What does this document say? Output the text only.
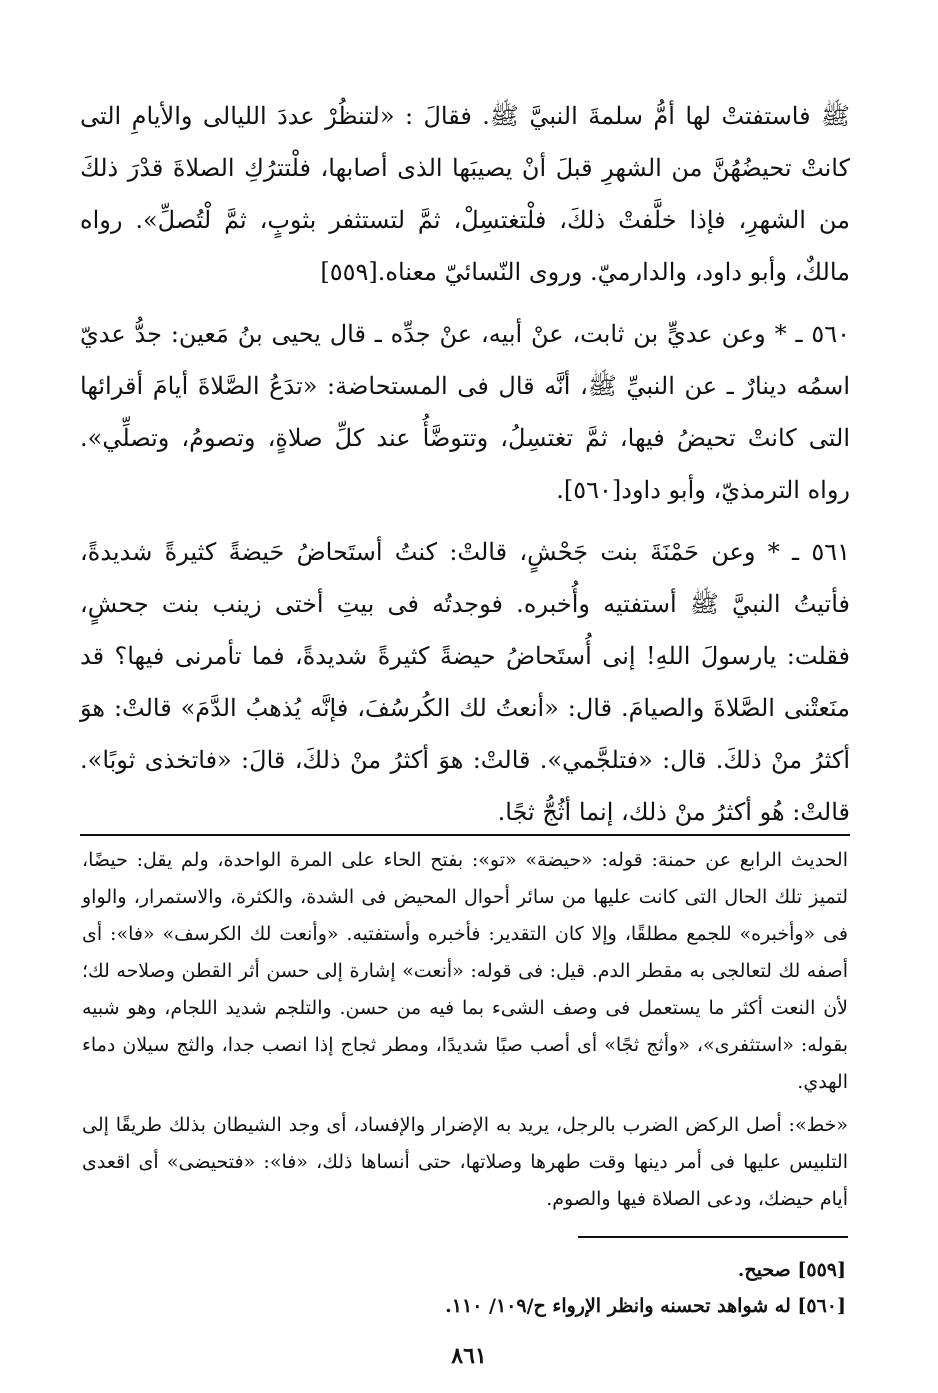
ﷺ فاستفتتْ لها أمُّ سلمةَ النبيَّ ﷺ. فقالَ : «لتنظُرْ عددَ الليالى والأيامِ التى كانتْ تحيضُهُنَّ من الشهرِ قبلَ أنْ يصيبَها الذى أصابها، فلْتترُكِ الصلاةَ قدْرَ ذلكَ من الشهرِ، فإذا خلَّفتْ ذلكَ، فلْتغتسِلْ، ثمَّ لتستثفر بثوبٍ، ثمَّ لْتُصلِّ». رواه مالكٌ، وأبو داود، والدارميّ. وروى النّسائيّ معناه.[٥٥٩]

٥٦٠ ـ * وعن عديٍّ بن ثابت، عنْ أبيه، عنْ جدِّه ـ قال يحيى بنُ مَعين: جدُّ عديّ اسمُه دينارٌ ـ عن النبيِّ ﷺ، أنَّه قال فى المستحاضة: «تدَعُ الصَّلاةَ أيامَ أقرائها التى كانتْ تحيضُ فيها، ثمَّ تغتسِلُ، وتتوضَّأُ عند كلِّ صلاةٍ، وتصومُ، وتصلِّي». رواه الترمذيّ، وأبو داود[٥٦٠].

٥٦١ ـ * وعن حَمْنَةَ بنت جَحْشٍ، قالتْ: كنتُ أستَحاضُ حَيضةً كثيرةً شديدةً، فأتيتُ النبيَّ ﷺ أستفتيه وأُخبره. فوجدتُه فى بيتِ أختى زينب بنت جحشٍ، فقلت: يارسولَ اللهِ! إنى أُستَحاضُ حيضةً كثيرةً شديدةً، فما تأمرنى فيها؟ قد منَعتْنى الصَّلاةَ والصيامَ. قال: «أنعتُ لك الكُرسُفَ، فإنَّه يُذهبُ الدَّمَ» قالتْ: هوَ أكثرُ منْ ذلكَ. قال: «فتلجَّمي». قالتْ: هوَ أكثرُ منْ ذلكَ، قالَ: «فاتخذى ثوبًا». قالتْ: هُو أكثرُ منْ ذلك، إنما أثُجُّ ثجًا.

الحديث الرابع عن حمنة: قوله: «حيضة» «تو»: بفتح الحاء على المرة الواحدة، ولم يقل: حيضًا، لتميز تلك الحال التى كانت عليها من سائر أحوال المحيض فى الشدة، والكثرة، والاستمرار، والواو فى «وأخبره» للجمع مطلقًا، وإلا كان التقدير: فأخبره وأستفتيه. «وأنعت لك الكرسف» «فا»: أى أصفه لك لتعالجى به مقطر الدم. قيل: فى قوله: «أنعت» إشارة إلى حسن أثر القطن وصلاحه لك؛ لأن النعت أكثر ما يستعمل فى وصف الشىء بما فيه من حسن. والتلجم شديد اللجام، وهو شبيه بقوله: «استثفرى»، «وأثج ثجًا» أى أصب صبًا شديدًا، ومطر ثجاج إذا انصب جدا، والثج سيلان دماء الهدي.

«خط»: أصل الركض الضرب بالرجل، يريد به الإضرار والإفساد، أى وجد الشيطان بذلك طريقًا إلى التلبيس عليها فى أمر دينها وقت طهرها وصلاتها، حتى أنساها ذلك، «فا»: «فتحيضى» أى اقعدى أيام حيضك، ودعى الصلاة فيها والصوم.

[٥٥٩] صحيح.

[٥٦٠] له شواهد تحسنه وانظر الإرواء ح/١٠٩/ ١١٠.

٨٦١
